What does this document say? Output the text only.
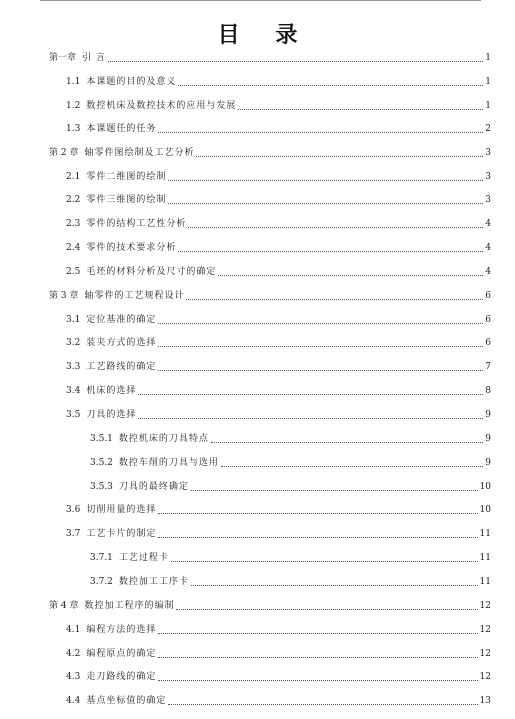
目 录
第一章 引 言	1
1.1 本课题的目的及意义	1
1.2 数控机床及数控技术的应用与发展	1
1.3 本课题任的任务	2
第 2 章 轴零件图绘制及工艺分析	3
2.1 零件二维图的绘制	3
2.2 零件三维图的绘制	3
2.3 零件的结构工艺性分析	4
2.4 零件的技术要求分析	4
2.5 毛坯的材料分析及尺寸的确定	4
第 3 章 轴零件的工艺规程设计	6
3.1 定位基准的确定	6
3.2 装夹方式的选择	6
3.3 工艺路线的确定	7
3.4 机床的选择	8
3.5 刀具的选择	9
3.5.1 数控机床的刀具特点	9
3.5.2 数控车削的刀具与选用	9
3.5.3 刀具的最终确定	10
3.6 切削用量的选择	10
3.7 工艺卡片的制定	11
3.7.1 工艺过程卡	11
3.7.2 数控加工工序卡	11
第 4 章 数控加工程序的编制	12
4.1 编程方法的选择	12
4.2 编程原点的确定	12
4.3 走刀路线的确定	12
4.4 基点坐标值的确定	13
